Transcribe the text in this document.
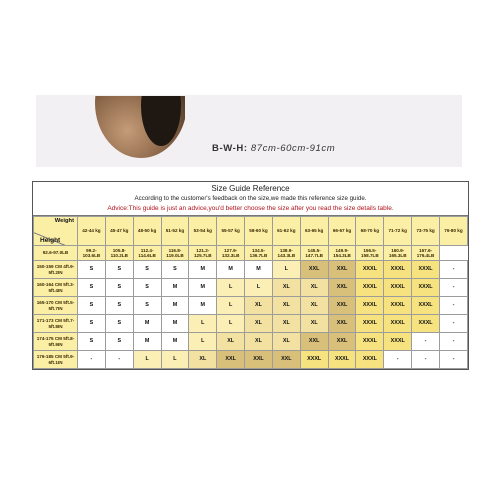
B-W-H: 87cm-60cm-91cm
Size Guide Reference
According to the customer's feedback on the size,we made this reference size guide.
Advice:This guide is just an advice,you'd better choose the size after you read the size details table.
Weight
Height	42-44 kg	45-47 kg	48-50 kg	51-52 kg	53-54 kg	55-57 kg	58-60 kg	61-62 kg	63-65 kg	66-67 kg	68-70 kg	71-72 kg	73-75 kg	76-80 kg

92.6-97.0LB	99.2-103.6LB	105.8-110.2LB	112.4-114.6LB	116.8-119.0LB	121.2-125.7LB	127.9-132.3LB	134.5-136.7LB	138.9-143.3LB	145.5-147.7LB	149.9-154.3LB	156.5-158.7LB	160.9-165.3LB	167.6-176.4LB	
150-159 CM 4ft.9-5ft.2IN	S	S	S	S	M	M	M	L	XXL	XXL	XXXL	XXXL	XXXL	-
160-164 CM 5ft.3-5ft.4IN	S	S	S	M	M	L	L	XL	XL	XXL	XXXL	XXXL	XXXL	-
165-170 CM 5ft.5-5ft.7IN	S	S	S	M	M	L	XL	XL	XL	XXL	XXXL	XXXL	XXXL	-
171-173 CM 5ft.7-5ft.8IN	S	S	M	M	L	L	XL	XL	XL	XXL	XXXL	XXXL	XXXL	-
174-175 CM 5ft.8-5ft.9IN	S	S	M	M	L	XL	XL	XL	XXL	XXL	XXXL	XXXL	-	-
176-185 CM 5ft.9-6ft.1IN	-	-	L	L	XL	XXL	XXL	XXL	XXXL	XXXL	XXXL	-	-	-
